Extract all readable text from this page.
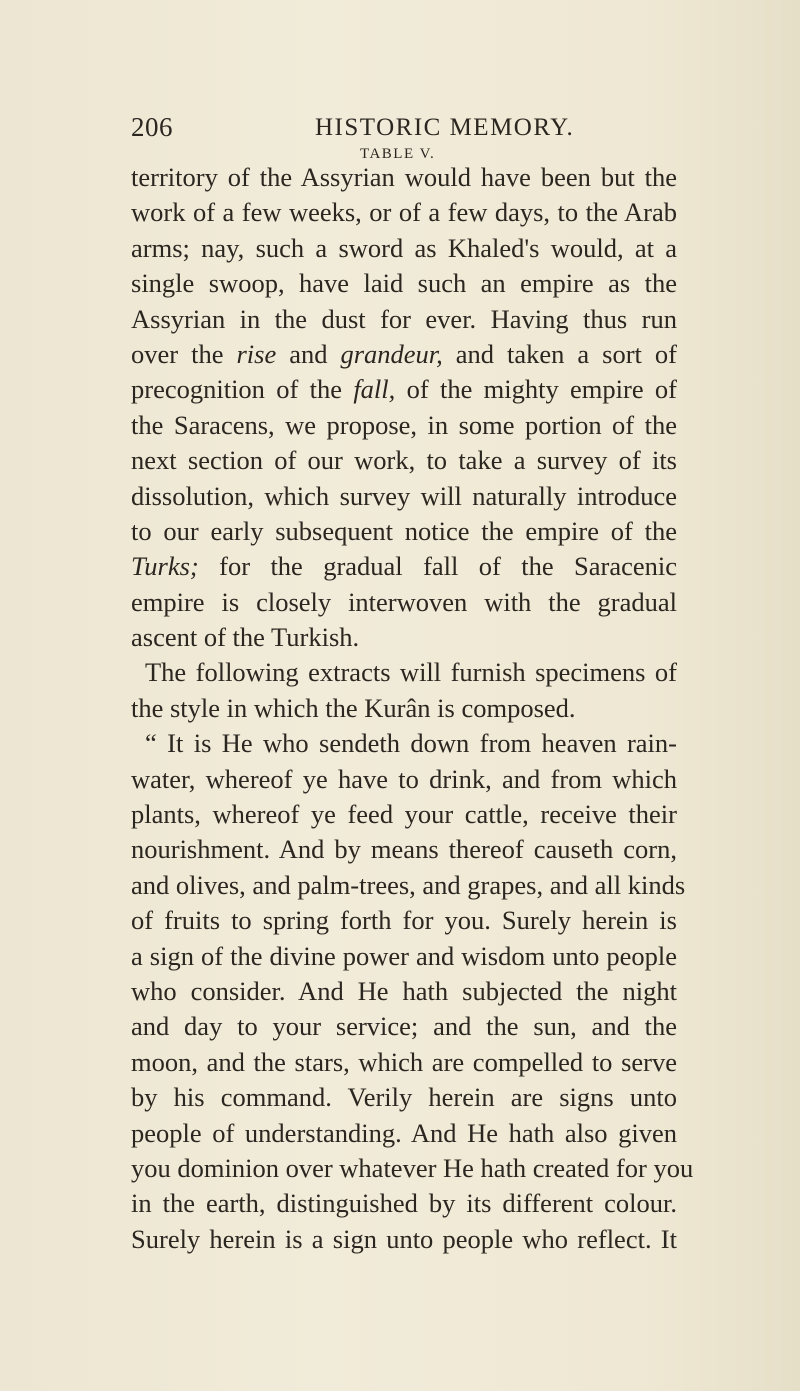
206	HISTORIC MEMORY.
TABLE V.
territory of the Assyrian would have been but the
work of a few weeks, or of a few days, to the Arab
arms; nay, such a sword as Khaled's would, at a
single swoop, have laid such an empire as the
Assyrian in the dust for ever. Having thus run
over the rise and grandeur, and taken a sort of
precognition of the fall, of the mighty empire of
the Saracens, we propose, in some portion of the
next section of our work, to take a survey of its
dissolution, which survey will naturally introduce
to our early subsequent notice the empire of the
Turks; for the gradual fall of the Saracenic
empire is closely interwoven with the gradual
ascent of the Turkish.
The following extracts will furnish specimens of
the style in which the Kurân is composed.
“ It is He who sendeth down from heaven rain-
water, whereof ye have to drink, and from which
plants, whereof ye feed your cattle, receive their
nourishment. And by means thereof causeth corn,
and olives, and palm-trees, and grapes, and all kinds
of fruits to spring forth for you. Surely herein is
a sign of the divine power and wisdom unto people
who consider. And He hath subjected the night
and day to your service; and the sun, and the
moon, and the stars, which are compelled to serve
by his command. Verily herein are signs unto
people of understanding. And He hath also given
you dominion over whatever He hath created for you
in the earth, distinguished by its different colour.
Surely herein is a sign unto people who reflect. It
